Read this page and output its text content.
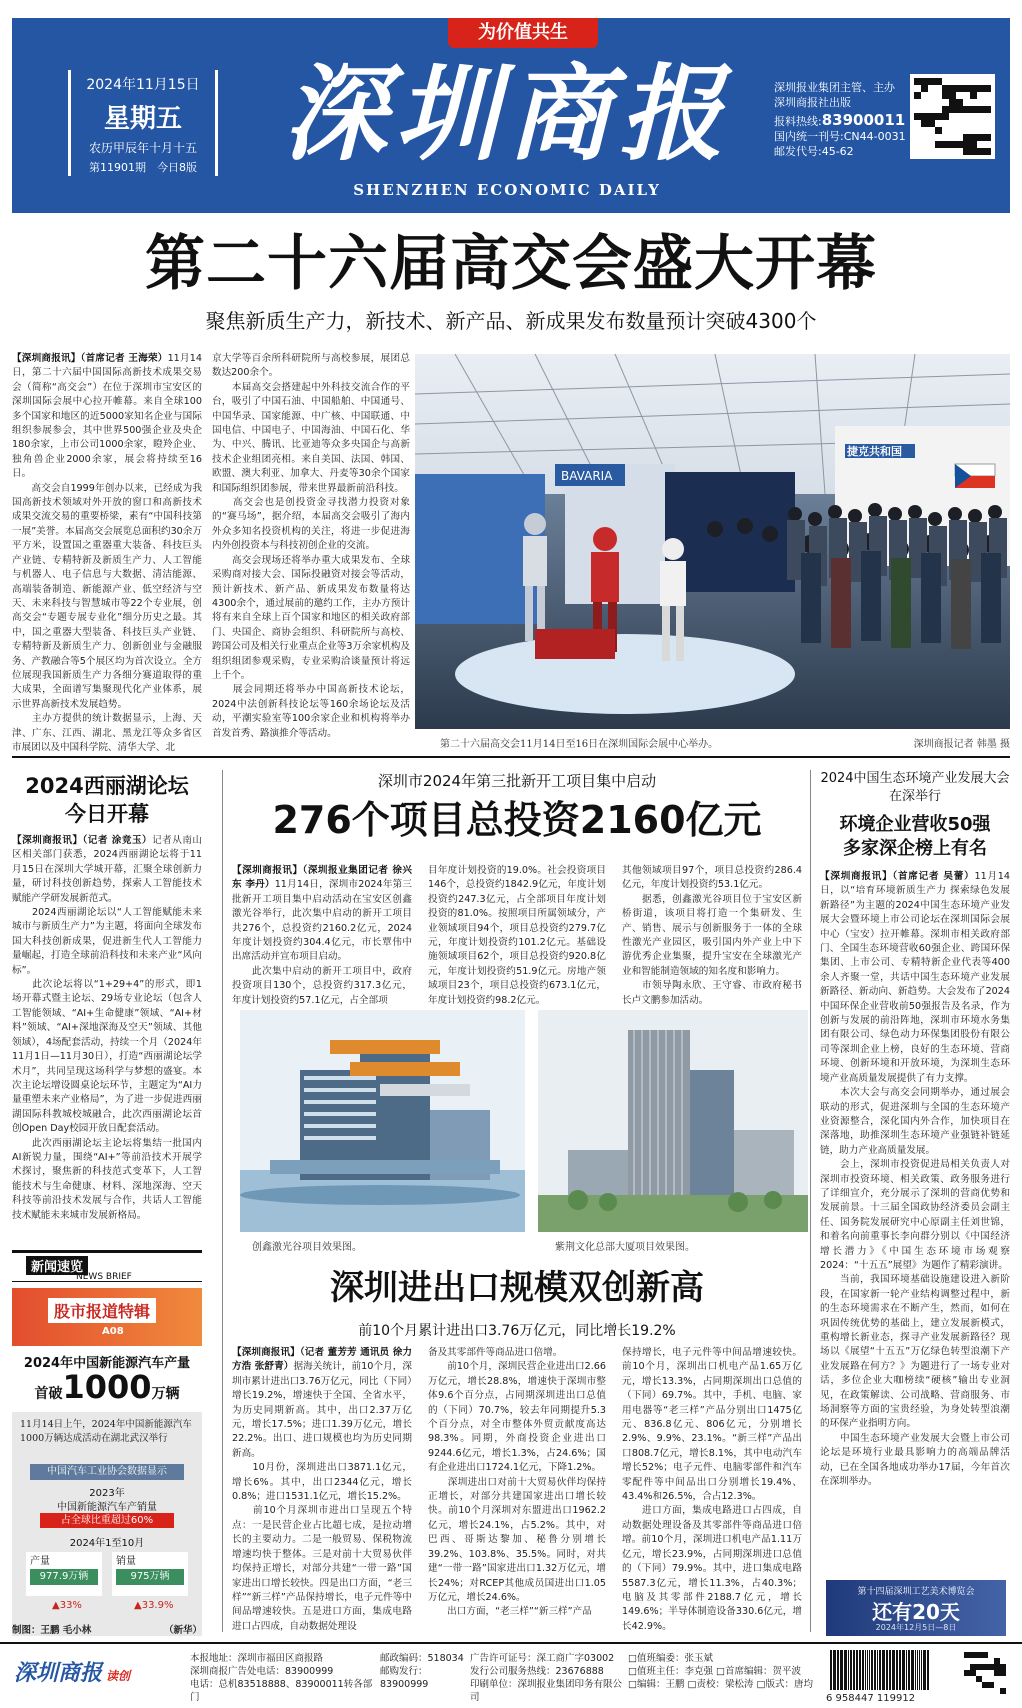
为价值共生
2024年11月15日
星期五
农历甲辰年十月十五
第11901期　 今日8版 深圳商报
SHENZHEN ECONOMIC DAILY
深圳报业集团主管、主办
深圳商报社出版
报料热线:83900011
国内统一刊号:CN44-0031
邮发代号:45-62
第二十六届高交会盛大开幕
聚焦新质生产力，新技术、新产品、新成果发布数量预计突破4300个
【深圳商报讯】（首席记者 王海荣）11月14日，第二十六届中国国际高新技术成果交易会（简称“高交会”）在位于深圳市宝安区的深圳国际会展中心拉开帷幕。来自全球100多个国家和地区的近5000家知名企业与国际组织参展参会，其中世界500强企业及央企180余家，上市公司1000余家，瞪羚企业、独角兽企业2000余家，展会将持续至16日。
　　高交会自1999年创办以来，已经成为我国高新技术领域对外开放的窗口和高新技术成果交流交易的重要桥梁，素有“中国科技第一展”美誉。本届高交会展览总面积约30余万平方米，设置国之重器重大装备、科技巨头产业链、专精特新及新质生产力、人工智能与机器人、电子信息与大数据、清洁能源、高端装备制造、新能源产业、低空经济与空天、未来科技与智慧城市等22个专业展，创高交会“专题专展专业化”细分历史之最。其中，国之重器大型装备、科技巨头产业链、专精特新及新质生产力、创新创业与金融服务、产教融合等5个展区均为首次设立。全方位展现我国新质生产力各细分赛道取得的重大成果，全面谱写集聚现代化产业体系，展示世界高新技术发展趋势。
　　主办方提供的统计数据显示，上海、天津、广东、江西、湖北、黑龙江等众多省区市展团以及中国科学院、清华大学、北
京大学等百余所科研院所与高校参展，展团总数达200余个。
　　本届高交会搭建起中外科技交流合作的平台，吸引了中国石油、中国船舶、中国通号、中国华录、国家能源、中广核、中国联通、中国电信、中国电子、中国海油、中国石化、华为、中兴、腾讯、比亚迪等众多央国企与高新技术企业组团亮相。来自美国、法国、韩国、欧盟、澳大利亚、加拿大、丹麦等30余个国家和国际组织团参展，带来世界最新前沿科技。
　　高交会也是创投资金寻找潜力投资对象的“赛马场”，据介绍，本届高交会吸引了海内外众多知名投资机构的关注，将进一步促进海内外创投资本与科技初创企业的交流。
　　高交会现场还将举办重大成果发布、全球采购商对接大会、国际投融资对接会等活动，预计新技术、新产品、新成果发布数量将达4300余个，通过展前的邀约工作，主办方预计将有来自全球上百个国家和地区的相关政府部门、央国企、商协会组织、科研院所与高校、跨国公司及相关行业重点企业等3万余家机构及组织组团参观采购，专业采购洽谈量预计将远上千个。
　　展会同期还将举办中国高新技术论坛，2024中法创新科技论坛等160余场论坛及活动，平潮实验室等100余家企业和机构将举办首发首秀、路演推介等活动。
BAVARIA
捷克共和国
第二十六届高交会11月14日至16日在深圳国际会展中心举办。	深圳商报记者 韩墨 摄
2024西丽湖论坛
今日开幕
【深圳商报讯】（记者 涂竞玉）记者从南山区相关部门获悉，2024西丽湖论坛将于11月15日在深圳大学城开幕，汇聚全球创新力量，研讨科技创新趋势，探索人工智能技术赋能产学研发展新范式。
　　2024西丽湖论坛以“人工智能赋能未来城市与新质生产力”为主题，将面向全球发布国大科技创新成果，促进新生代人工智能力量崛起，打造全球前沿科技和未来产业“风向标”。
　　此次论坛将以“1+29+4”的形式，即1场开幕式暨主论坛、29场专业论坛（包含人工智能领域、“AI+生命健康”领域、“AI+材料”领域、“AI+深地深海及空天”领域、其他领域），4场配套活动，持续一个月（2024年11月1日—11月30日），打造“西丽湖论坛学术月”，共同呈现这场科学与梦想的盛宴。本次主论坛增设圆桌论坛环节，主题定为“AI力量重塑未来产业格局”，为了进一步促进西丽湖国际科教城校城融合，此次西丽湖论坛首创Open Day校园开放日配套活动。
　　此次西丽湖论坛主论坛将集结一批国内AI新锐力量，围绕“AI+”等前沿技术开展学术探讨，聚焦新的科技范式变革下，人工智能技术与生命健康、材料、深地深海、空天科技等前沿技术发展与合作，共话人工智能技术赋能未来城市发展新格局。
新闻速览
NEWS BRIEF
股市报道特辑
A08
2024年中国新能源汽车产量
首破1000万辆
11月14日上午，2024年中国新能源汽车1000万辆达成活动在湖北武汉举行
中国汽车工业协会数据显示
2023年
中国新能源汽车产销量
占全球比重超过60%
2024年1至10月
产量
977.9万辆
销量
975万辆
▲33%	▲33.9%
制图：王鹏 毛小林	（新华）
深圳市2024年第三批新开工项目集中启动
276个项目总投资2160亿元
【深圳商报讯】（深圳报业集团记者 徐兴东 李丹）11月14日，深圳市2024年第三批新开工项目集中启动活动在宝安区创鑫激光谷举行，此次集中启动的新开工项目共276个，总投资约2160.2亿元，2024年度计划投资约304.4亿元，市长覃伟中出席活动并宣布项目启动。
　　此次集中启动的新开工项目中，政府投资项目130个，总投资约317.3亿元，年度计划投资约57.1亿元，占全部项
目年度计划投资的19.0%。社会投资项目146个，总投资约1842.9亿元，年度计划投资约247.3亿元，占全部项目年度计划投资的81.0%。按照项目所属领域分，产业领域项目94个，项目总投资约279.7亿元，年度计划投资约101.2亿元。基础设施领域项目62个，项目总投资约920.8亿元，年度计划投资约51.9亿元。房地产领域项目23个，项目总投资约673.1亿元，年度计划投资约98.2亿元。
其他领域项目97个，项目总投资约286.4亿元，年度计划投资约53.1亿元。
　　据悉，创鑫激光谷项目位于宝安区新桥街道，该项目将打造一个集研发、生产、销售、展示与创新服务于一体的全球性激光产业园区，吸引国内外产业上中下游优秀企业集聚，提升宝安在全球激光产业和智能制造领域的知名度和影响力。
　　市领导陶永欣、王守睿、市政府秘书长卢文鹏参加活动。
创鑫激光谷项目效果图。	紫荆文化总部大厦项目效果图。
深圳进出口规模双创新高
前10个月累计进出口3.76万亿元，同比增长19.2%
【深圳商报讯】（记者 董芳芳 通讯员 徐力 方浩 张舒青）据海关统计，前10个月，深圳市累计进出口3.76万亿元，同比（下同）增长19.2%，增速快于全国、全省水平，为历史同期新高。其中，出口2.37万亿元，增长17.5%；进口1.39万亿元，增长22.2%。出口、进口规模也均为历史同期新高。
　　10月份，深圳进出口3871.1亿元，增长6%。其中，出口2344亿元，增长0.8%；进口1531.1亿元，增长15.2%。
　　前10个月深圳市进出口呈现五个特点：一是民营企业占比超七成，是拉动增长的主要动力。二是一般贸易、保税物流增速均快于整体。三是对前十大贸易伙伴均保持正增长，对部分共建“一带一路”国家进出口增长较快。四是出口方面，“老三样”“新三样”产品保持增长，电子元件等中间品增速较快。五是进口方面，集成电路进口占四成，自动数据处理设
备及其零部件等商品进口倍增。
　　前10个月，深圳民营企业进出口2.66万亿元，增长28.8%，增速快于深圳市整体9.6个百分点，占同期深圳进出口总值的（下同）70.7%，较去年同期提升5.3个百分点，对全市整体外贸贡献度高达98.3%。同期，外商投资企业进出口9244.6亿元，增长1.3%，占24.6%；国有企业进出口1724.1亿元，下降1.2%。
　　深圳进出口对前十大贸易伙伴均保持正增长，对部分共建国家进出口增长较快。前10个月深圳对东盟进出口1962.2亿元，增长24.1%，占5.2%。其中，对巴西、哥斯达黎加、秘鲁分别增长39.2%、103.8%、35.5%。同时，对共建“一带一路”国家进出口1.32万亿元，增长24%；对RCEP其他成员国进出口1.05万亿元，增长24.6%。
　　出口方面，“老三样”“新三样”产品
保持增长，电子元件等中间品增速较快。前10个月，深圳出口机电产品1.65万亿元，增长13.3%，占同期深圳出口总值的（下同）69.7%。其中，手机、电脑、家用电器等“老三样”产品分别出口1475亿元、836.8亿元、806亿元，分别增长2.9%、9.9%、23.1%。“新三样”产品出口808.7亿元，增长8.1%，其中电动汽车增长52%；电子元件、电脑零部件和汽车零配件等中间品出口分别增长19.4%、43.4%和26.5%，合占12.3%。
　　进口方面，集成电路进口占四成，自动数据处理设备及其零部件等商品进口倍增。前10个月，深圳进口机电产品1.11万亿元，增长23.9%，占同期深圳进口总值的（下同）79.9%。其中，进口集成电路5587.3亿元，增长11.3%，占40.3%；电脑及其零部件2188.7亿元，增长149.6%；半导体制造设备330.6亿元，增长42.9%。
2024中国生态环境产业发展大会在深举行
环境企业营收50强
多家深企榜上有名
【深圳商报讯】（首席记者 吴蕾）11月14日，以“培育环境新质生产力 探索绿色发展新路径”为主题的2024中国生态环境产业发展大会暨环境上市公司论坛在深圳国际会展中心（宝安）拉开帷幕。深圳市相关政府部门、全国生态环境营收60强企业、跨国环保集团、上市公司、专精特新企业代表等400余人齐聚一堂，共话中国生态环境产业发展新路径、新动向、新趋势。大会发布了2024中国环保企业营收前50强报告及名录，作为创新与发展的前沿阵地，深圳市环境水务集团有限公司、绿色动力环保集团股份有限公司等深圳企业上榜，良好的生态环境、营商环境、创新环境和开放环境，为深圳生态环境产业高质量发展提供了有力支撑。
　　本次大会与高交会同期举办，通过展会联动的形式，促进深圳与全国的生态环境产业资源整合，深化国内外合作，加快项目在深落地，助推深圳生态环境产业强链补链延链，助力产业高质量发展。
　　会上，深圳市投资促进局相关负责人对深圳市投资环境、相关政策、政务服务进行了详细宣介，充分展示了深圳的营商优势和发展前景。十三届全国政协经济委员会副主任、国务院发展研究中心原副主任刘世锦，和着名向前重事长李向群分别以《中国经济增长潜力》《中国生态环境市场观察2024：“十五五”展望》为题作了精彩演讲。
　　当前，我国环境基础设施建设进入新阶段，在国家新一轮产业结构调整过程中，新的生态环境需求在不断产生，然而，如何在巩固传统优势的基础上，建立发展新模式，重构增长新业态，探寻产业发展新路径？现场以《展望“十五五”万亿绿色转型浪潮下产业发展路在何方？》为题进行了一场专业对话，多位企业大咖榜续“硬核”输出专业洞见，在政策解读、公司战略、营商服务、市场洞察等方面的宝贵经验，为身处转型浪潮的环保产业指明方向。
　　中国生态环境产业发展大会暨上市公司论坛是环境行业最具影响力的高端品牌活动，已在全国各地成功举办17届，今年首次在深圳举办。
第十四届深圳工艺美术博览会
还有20天
2024年12月5日—8日
深圳商报 读创
本报地址：深圳市福田区商报路
深圳商报广告处电话：83900999
电话：总机83518888、83900011转各部门
邮政编码：518034
邮购发行：83900999
广告许可证号：深工商广字03002
发行公司服务热线：23676888
印刷单位：深圳报业集团印务有限公司
□值班编委：张玉斌
□值班主任：李克强 □首席编辑：贺平波
□编辑：王鹏 □责校：梁松涛 □版式：唐均
6 958447 119912
